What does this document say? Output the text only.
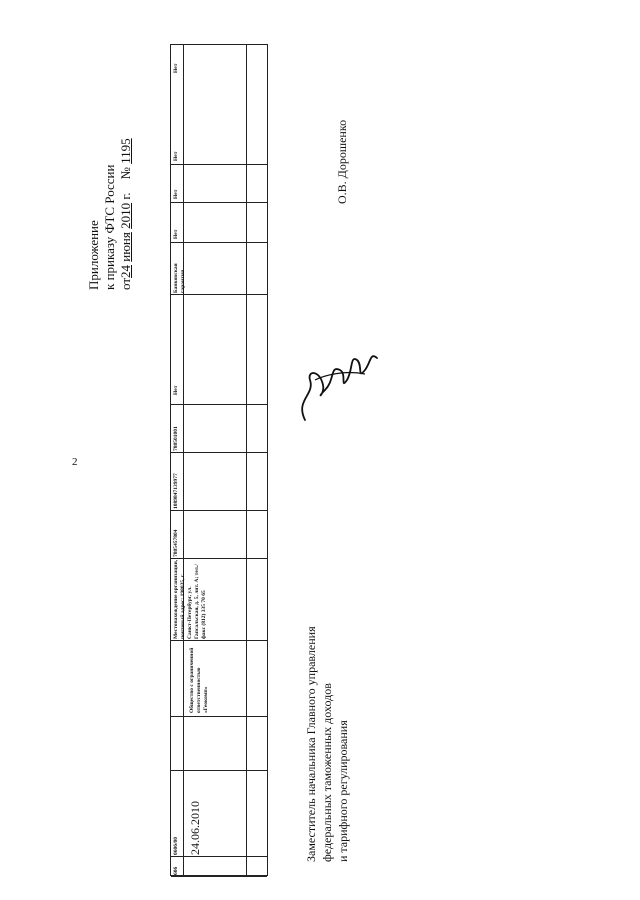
2
Приложение к приказу ФТС России от24 июня 2010 г.    № 1195
606
0606/00 24.06.2010
Общество с ограниченной ответственностью «Геокомп»
Местонахождение организации, почтовый адрес: 198035, г. Санкт-Петербург, ул. Гапсальская, д. 5, лит. А; тел./факс (812) 335 70 65
7805457804
1089847139977
780501001
Нет
Банковская гарантия
Нет
Нет
Нет
Нет
Заместитель начальника Главного управления федеральных таможенных доходов и тарифного регулирования
О.В. Дорошенко
